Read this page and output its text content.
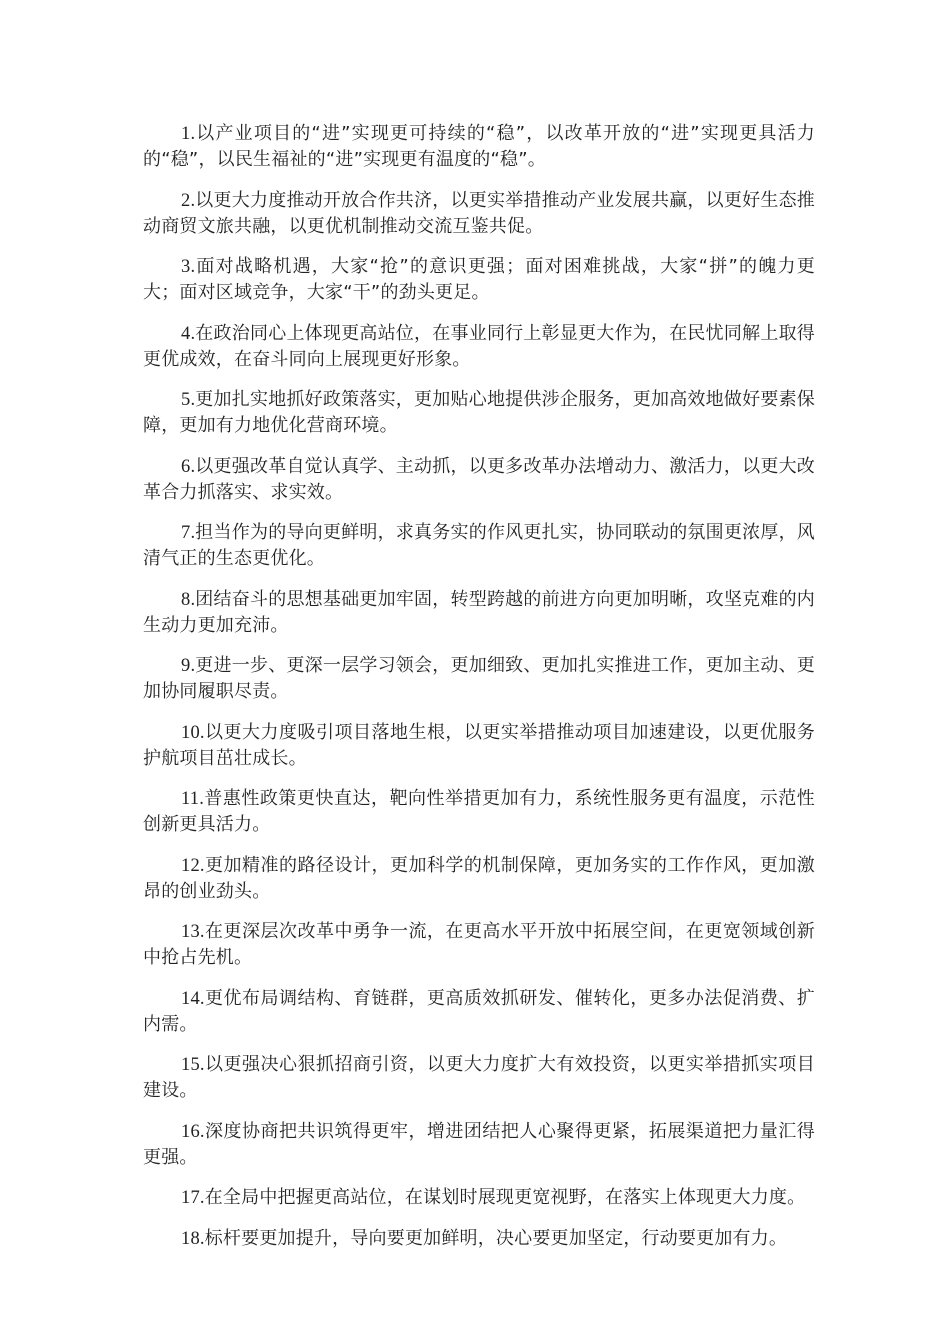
1.以产业项目的“进”实现更可持续的“稳”，以改革开放的“进”实现更具活力的“稳”，以民生福祉的“进”实现更有温度的“稳”。

2.以更大力度推动开放合作共济，以更实举措推动产业发展共赢，以更好生态推动商贸文旅共融，以更优机制推动交流互鉴共促。

3.面对战略机遇，大家“抢”的意识更强；面对困难挑战，大家“拼”的魄力更大；面对区域竞争，大家“干”的劲头更足。

4.在政治同心上体现更高站位，在事业同行上彰显更大作为，在民忧同解上取得更优成效，在奋斗同向上展现更好形象。

5.更加扎实地抓好政策落实，更加贴心地提供涉企服务，更加高效地做好要素保障，更加有力地优化营商环境。

6.以更强改革自觉认真学、主动抓，以更多改革办法增动力、激活力，以更大改革合力抓落实、求实效。

7.担当作为的导向更鲜明，求真务实的作风更扎实，协同联动的氛围更浓厚，风清气正的生态更优化。

8.团结奋斗的思想基础更加牢固，转型跨越的前进方向更加明晰，攻坚克难的内生动力更加充沛。

9.更进一步、更深一层学习领会，更加细致、更加扎实推进工作，更加主动、更加协同履职尽责。

10.以更大力度吸引项目落地生根，以更实举措推动项目加速建设，以更优服务护航项目茁壮成长。

11.普惠性政策更快直达，靶向性举措更加有力，系统性服务更有温度，示范性创新更具活力。

12.更加精准的路径设计，更加科学的机制保障，更加务实的工作作风，更加激昂的创业劲头。

13.在更深层次改革中勇争一流，在更高水平开放中拓展空间，在更宽领域创新中抢占先机。

14.更优布局调结构、育链群，更高质效抓研发、催转化，更多办法促消费、扩内需。

15.以更强决心狠抓招商引资，以更大力度扩大有效投资，以更实举措抓实项目建设。

16.深度协商把共识筑得更牢，增进团结把人心聚得更紧，拓展渠道把力量汇得更强。

17.在全局中把握更高站位，在谋划时展现更宽视野，在落实上体现更大力度。

18.标杆要更加提升，导向要更加鲜明，决心要更加坚定，行动要更加有力。
